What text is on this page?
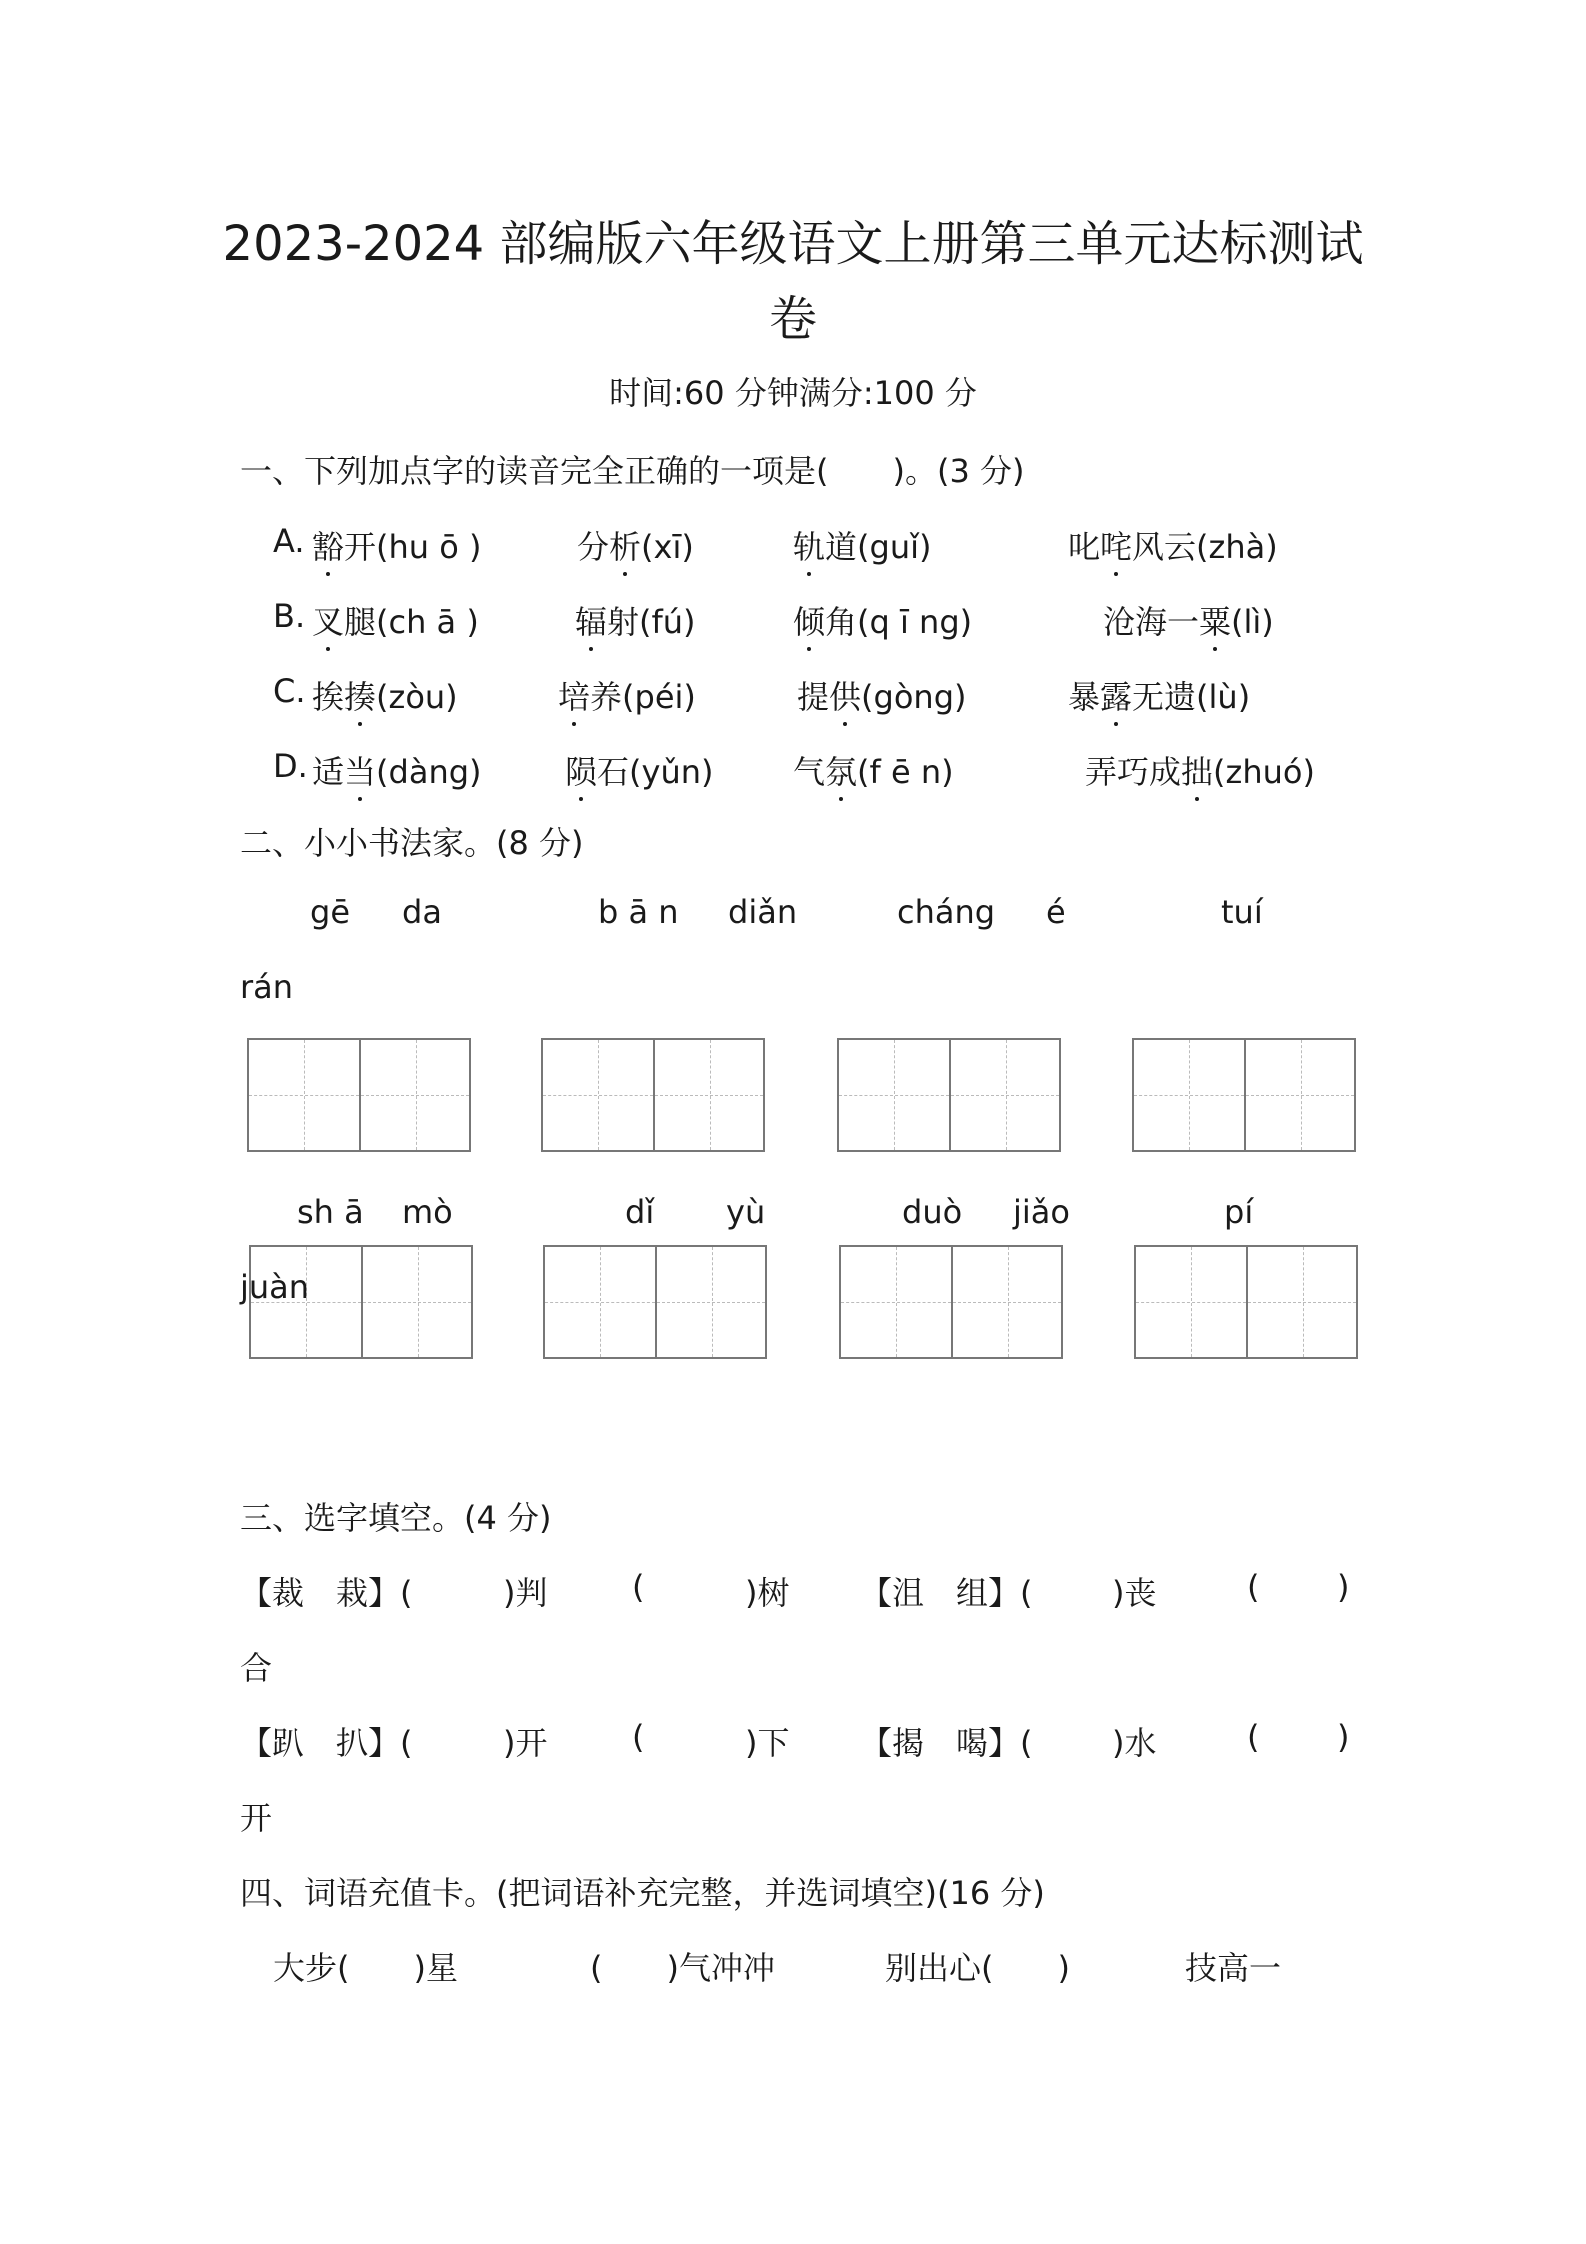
2023-2024 部编版六年级语文上册第三单元达标测试
卷
时间:60 分钟满分:100 分
一、下列加点字的读音完全正确的一项是(　　)。(3 分)
A. 豁开(hu ō )	分析(xī)	轨道(guǐ)	叱咤风云(zhà)
B. 叉腿(ch ā )	辐射(fú)	倾角(q ī ng)	沧海一粟(lì)
C. 挨揍(zòu)	培养(péi)	提供(gòng)	暴露无遗(lù)
D. 适当(dàng)	陨石(yǔn) 气氛(f ē n)	弄巧成拙(zhuó)
二、小小书法家。(8 分)
gē da	b ā n diǎn	cháng é	tuí
rán
sh ā mò	dǐ yù	duò jiǎo	pí
juàn
三、选字填空。(4 分)
【裁　栽】(	)判	(	)树 【沮　组】( )丧	( )
合
【趴　扒】(	)开	(	)下 【揭　喝】( )水	( )
开
四、词语充值卡。(把词语补充完整，并选词填空)(16 分)
大步(　　)星	(　　)气冲冲	别出心(　　)	技高一
